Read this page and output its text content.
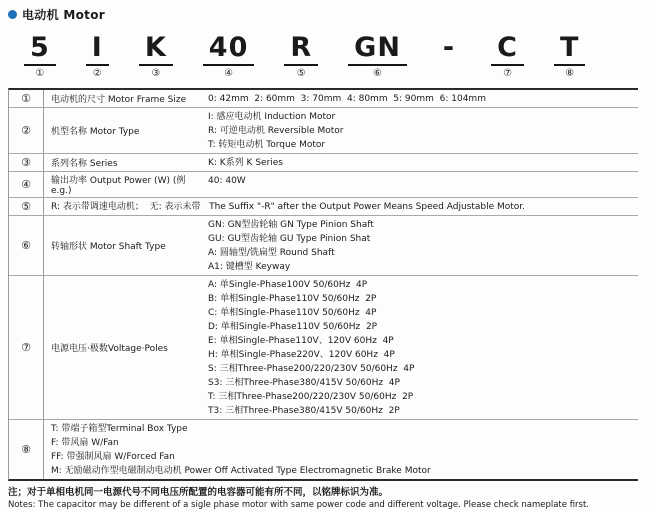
电动机 Motor
5
①
I
②
K
③
40
④
R
⑤
GN
⑥
- C
⑦
T
⑧
①	电动机的尺寸 Motor Frame Size	0: 42mm  2: 60mm  3: 70mm  4: 80mm  5: 90mm  6: 104mm
②	机型名称 Motor Type
I: 感应电动机 Induction Motor
R: 可逆电动机 Reversible Motor
T: 转矩电动机 Torque Motor
③	系列名称 Series	K: K系列 K Series
④	输出功率 Output Power (W) (例 e.g.)
40: 40W
⑤	R: 表示带调速电动机；  无: 表示未带   The Suffix "-R" after the Output Power Means Speed Adjustable Motor.
⑥	转轴形状 Motor Shaft Type
GN: GN型齿轮轴 GN Type Pinion Shaft
GU: GU型齿轮轴 GU Type Pinion Shat
A: 圆轴型/铣扁型 Round Shaft
A1: 键槽型 Keyway
⑦	电源电压·极数Voltage·Poles
A: 单Single-Phase100V 50/60Hz  4P
B: 单相Single-Phase110V 50/60Hz  2P
C: 单相Single-Phase110V 50/60Hz  4P
D: 单相Single-Phase110V 50/60Hz  2P
E: 单相Single-Phase110V、120V 60Hz  4P
H: 单相Single-Phase220V、120V 60Hz  4P
S: 三相Three-Phase200/220/230V 50/60Hz  4P
S3: 三相Three-Phase380/415V 50/60Hz  4P
T: 三相Three-Phase200/220/230V 50/60Hz  2P
T3: 三相Three-Phase380/415V 50/60Hz  2P
⑧
T: 带端子箱型Terminal Box Type
F: 带风扇 W/Fan
FF: 带强制风扇 W/Forced Fan
M: 无励磁动作型电磁制动电动机 Power Off Activated Type Electromagnetic Brake Motor
注；对于单相电机同一电源代号不同电压所配置的电容器可能有所不同，以铭牌标识为准。
Notes: The capacitor may be different of a sigle phase motor with same power code and different voltage. Please check nameplate first.
